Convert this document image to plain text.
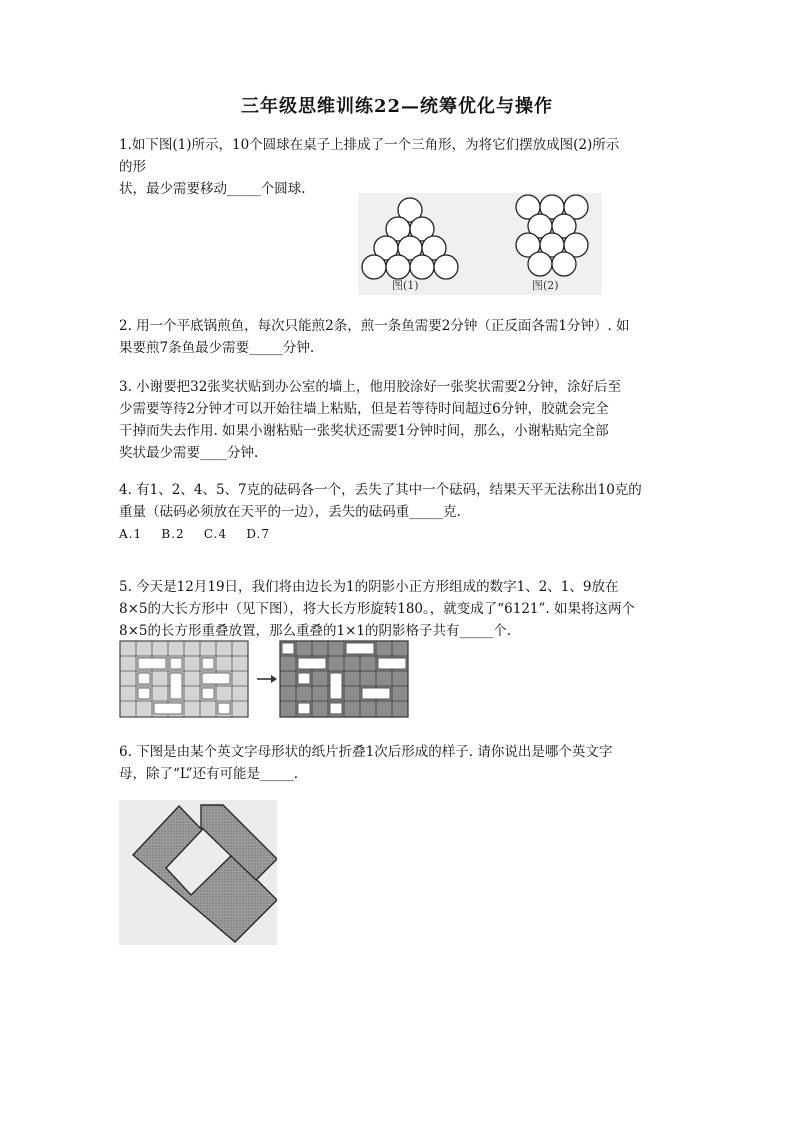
三年级思维训练22—统筹优化与操作
1.如下图(1)所示，10个圆球在桌子上排成了一个三角形，为将它们摆放成图(2)所示
的形
状，最少需要移动_____个圆球.
图(1)	图(2)
2. 用一个平底锅煎鱼，每次只能煎2条，煎一条鱼需要2分钟（正反面各需1分钟）. 如
果要煎7条鱼最少需要_____分钟.
3. 小谢要把32张奖状贴到办公室的墙上，他用胶涂好一张奖状需要2分钟，涂好后至
少需要等待2分钟才可以开始往墙上粘贴，但是若等待时间超过6分钟，胶就会完全
干掉而失去作用. 如果小谢粘贴一张奖状还需要1分钟时间，那么，小谢粘贴完全部
奖状最少需要____分钟.
4. 有1、2、4、5、7克的砝码各一个，丢失了其中一个砝码，结果天平无法称出10克的
重量（砝码必须放在天平的一边），丢失的砝码重_____克.
A.1    B.2    C.4    D.7
5. 今天是12月19日，我们将由边长为1的阴影小正方形组成的数字1、2、1、9放在
8×5的大长方形中（见下图），将大长方形旋转180。，就变成了“6121”. 如果将这两个
8×5的长方形重叠放置，那么重叠的1×1的阴影格子共有_____个.
6. 下图是由某个英文字母形状的纸片折叠1次后形成的样子. 请你说出是哪个英文字
母，除了“L”还有可能是_____.
